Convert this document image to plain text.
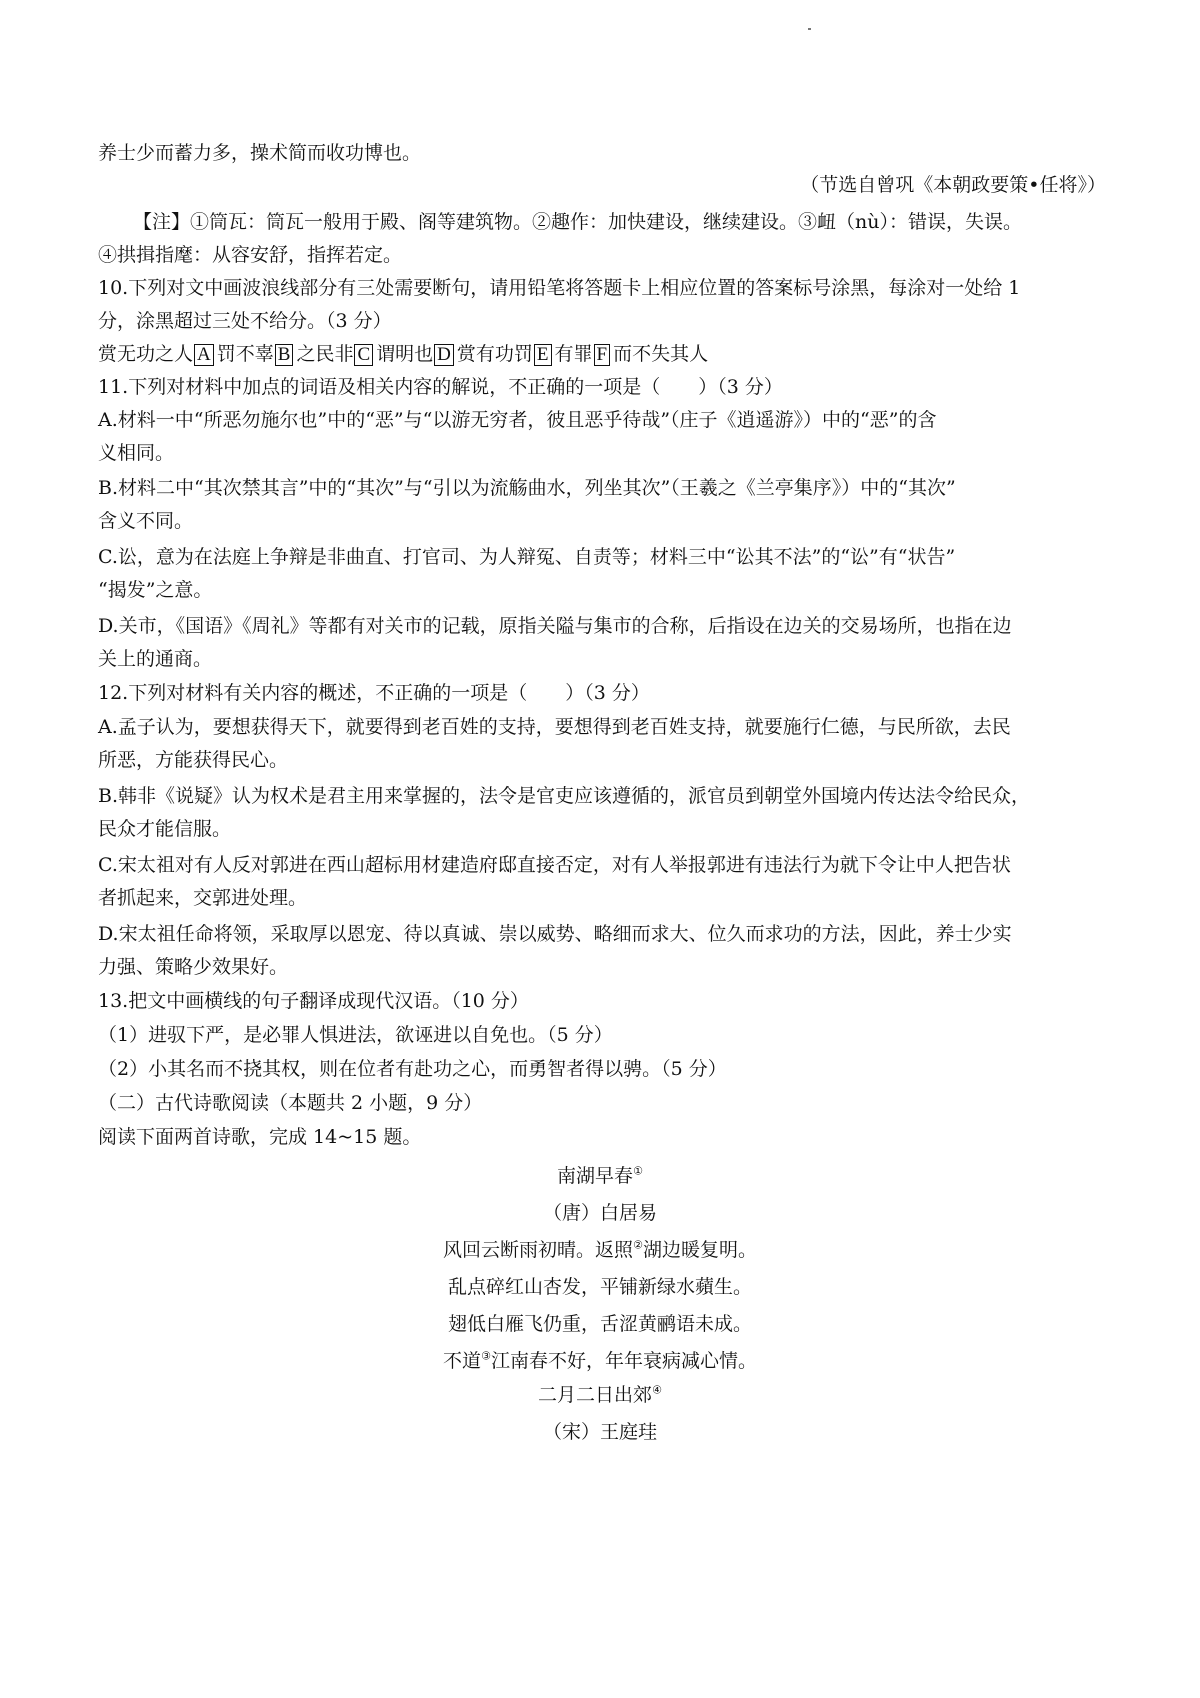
养士少而蓄力多，操术简而收功博也。
（节选自曾巩《本朝政要策•任将》）
【注】①筒瓦：筒瓦一般用于殿、阁等建筑物。②趣作：加快建设，继续建设。③衄（nù）：错误，失误。
④拱揖指麾：从容安舒，指挥若定。
10.下列对文中画波浪线部分有三处需要断句，请用铅笔将答题卡上相应位置的答案标号涂黑，每涂对一处给 1
分，涂黑超过三处不给分。（3 分）
赏无功之人 A 罚不辜 B 之民非 C 谓明也 D 赏有功罚 E 有罪 F 而不失其人
11.下列对材料中加点的词语及相关内容的解说，不正确的一项是（　　）（3 分）
A.材料一中“所恶勿施尔也”中的“恶”与“以游无穷者，彼且恶乎待哉”（庄子《逍遥游》）中的“恶”的含
义相同。
B.材料二中“其次禁其言”中的“其次”与“引以为流觞曲水，列坐其次”（王羲之《兰亭集序》）中的“其次”
含义不同。
C.讼，意为在法庭上争辩是非曲直、打官司、为人辩冤、自责等；材料三中“讼其不法”的“讼”有“状告”
“揭发”之意。
D.关市，《国语》《周礼》等都有对关市的记载，原指关隘与集市的合称，后指设在边关的交易场所，也指在边
关上的通商。
12.下列对材料有关内容的概述，不正确的一项是（　　）（3 分）
A.孟子认为，要想获得天下，就要得到老百姓的支持，要想得到老百姓支持，就要施行仁德，与民所欲，去民
所恶，方能获得民心。
B.韩非《说疑》认为权术是君主用来掌握的，法令是官吏应该遵循的，派官员到朝堂外国境内传达法令给民众，
民众才能信服。
C.宋太祖对有人反对郭进在西山超标用材建造府邸直接否定，对有人举报郭进有违法行为就下令让中人把告状
者抓起来，交郭进处理。
D.宋太祖任命将领，采取厚以恩宠、待以真诚、崇以威势、略细而求大、位久而求功的方法，因此，养士少实
力强、策略少效果好。
13.把文中画横线的句子翻译成现代汉语。（10 分）
（1）进驭下严，是必罪人惧进法，欲诬进以自免也。（5 分）
（2）小其名而不挠其权，则在位者有赴功之心，而勇智者得以骋。（5 分）
（二）古代诗歌阅读（本题共 2 小题，9 分）
阅读下面两首诗歌，完成 14~15 题。
南湖早春①
（唐）白居易
风回云断雨初晴。返照②湖边暖复明。
乱点碎红山杏发，平铺新绿水蘋生。
翅低白雁飞仍重，舌涩黄鹂语未成。
不道③江南春不好，年年衰病减心情。
二月二日出郊④
（宋）王庭珪
